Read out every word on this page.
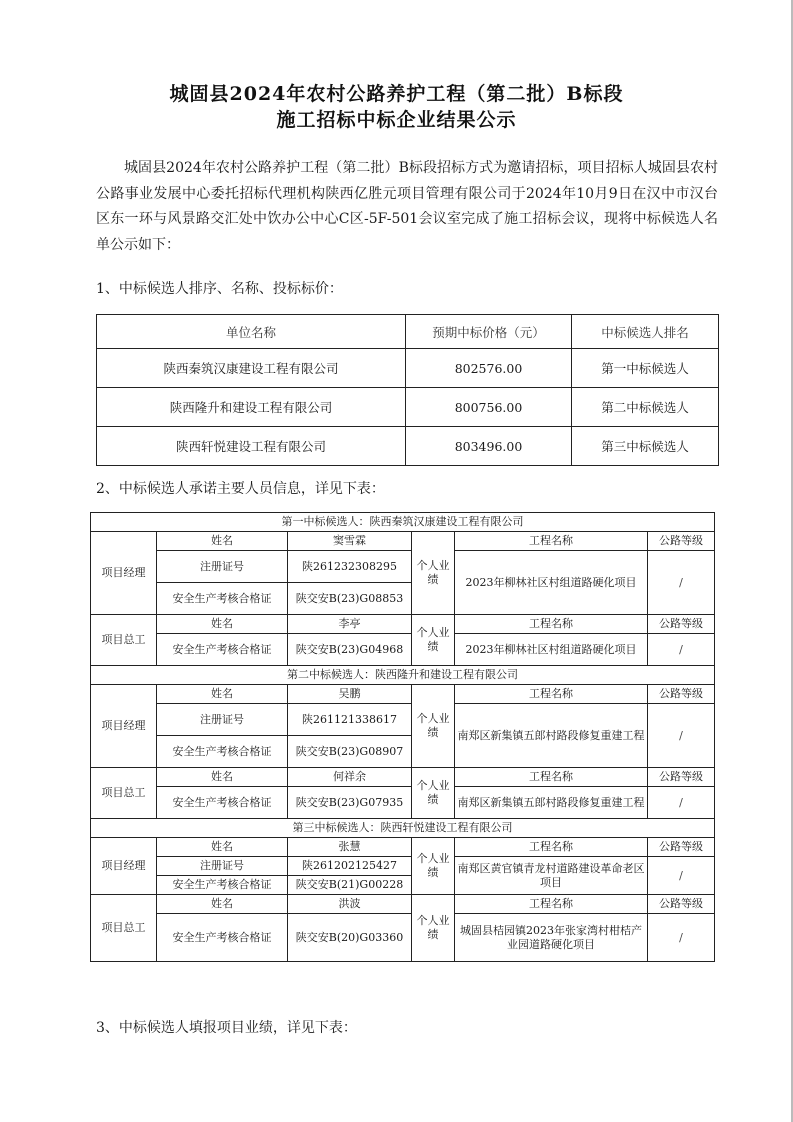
城固县2024年农村公路养护工程（第二批）B标段
施工招标中标企业结果公示

城固县2024年农村公路养护工程（第二批）B标段招标方式为邀请招标，项目招标人城固县农村公路事业发展中心委托招标代理机构陕西亿胜元项目管理有限公司于2024年10月9日在汉中市汉台区东一环与风景路交汇处中饮办公中心C区-5F-501会议室完成了施工招标会议，现将中标候选人名单公示如下：

1、中标候选人排序、名称、投标标价：
单位名称	预期中标价格（元）	中标候选人排名
陕西秦筑汉康建设工程有限公司	802576.00	第一中标候选人
陕西隆升和建设工程有限公司	800756.00	第二中标候选人
陕西轩悦建设工程有限公司	803496.00	第三中标候选人
2、中标候选人承诺主要人员信息，详见下表：
第一中标候选人：陕西秦筑汉康建设工程有限公司					
项目经理	姓名	窦雪霖	个人业绩	工程名称	公路等级
	注册证号	陕261232308295		2023年柳林社区村组道路硬化项目	/
	安全生产考核合格证	陕交安B(23)G08853			
项目总工	姓名	李亭	个人业绩	工程名称	公路等级
	安全生产考核合格证	陕交安B(23)G04968		2023年柳林社区村组道路硬化项目	/
第二中标候选人：陕西隆升和建设工程有限公司					
项目经理	姓名	吴鹏	个人业绩	工程名称	公路等级
	注册证号	陕261121338617		南郑区新集镇五郎村路段修复重建工程	/
	安全生产考核合格证	陕交安B(23)G08907			
项目总工	姓名	何祥余	个人业绩	工程名称	公路等级
	安全生产考核合格证	陕交安B(23)G07935		南郑区新集镇五郎村路段修复重建工程	/
第三中标候选人：陕西轩悦建设工程有限公司					
项目经理	姓名	张慧	个人业绩	工程名称	公路等级
	注册证号	陕261202125427		南郑区黄官镇青龙村道路建设革命老区项目	/
	安全生产考核合格证	陕交安B(21)G00228			
项目总工	姓名	洪波	个人业绩	工程名称	公路等级
	安全生产考核合格证	陕交安B(20)G03360		城固县桔园镇2023年张家湾村柑桔产业园道路硬化项目	/
3、中标候选人填报项目业绩，详见下表：
